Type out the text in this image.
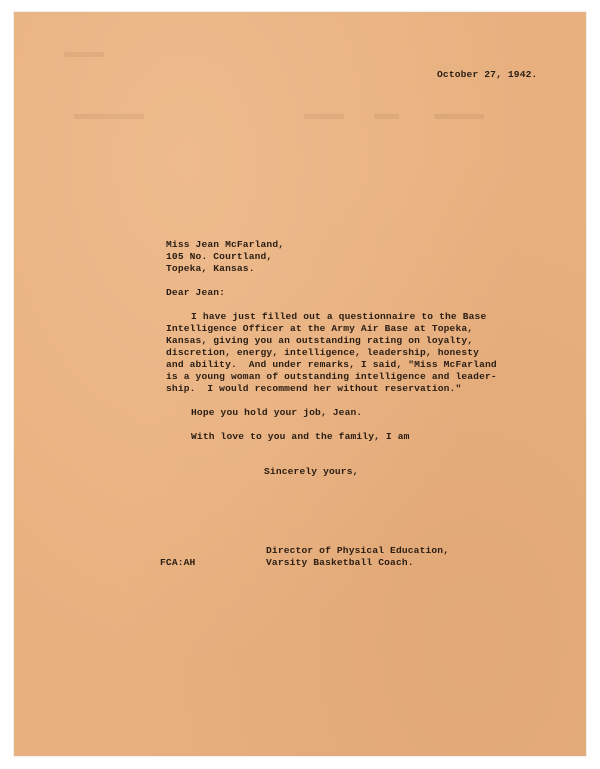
October 27, 1942.
Miss Jean McFarland,
105 No. Courtland,
Topeka, Kansas.
Dear Jean:
I have just filled out a questionnaire to the Base
Intelligence Officer at the Army Air Base at Topeka,
Kansas, giving you an outstanding rating on loyalty,
discretion, energy, intelligence, leadership, honesty
and ability.  And under remarks, I said, "Miss McFarland
is a young woman of outstanding intelligence and leader-
ship.  I would recommend her without reservation."
Hope you hold your job, Jean.
With love to you and the family, I am
Sincerely yours,
Director of Physical Education,
FCA:AH	Varsity Basketball Coach.
